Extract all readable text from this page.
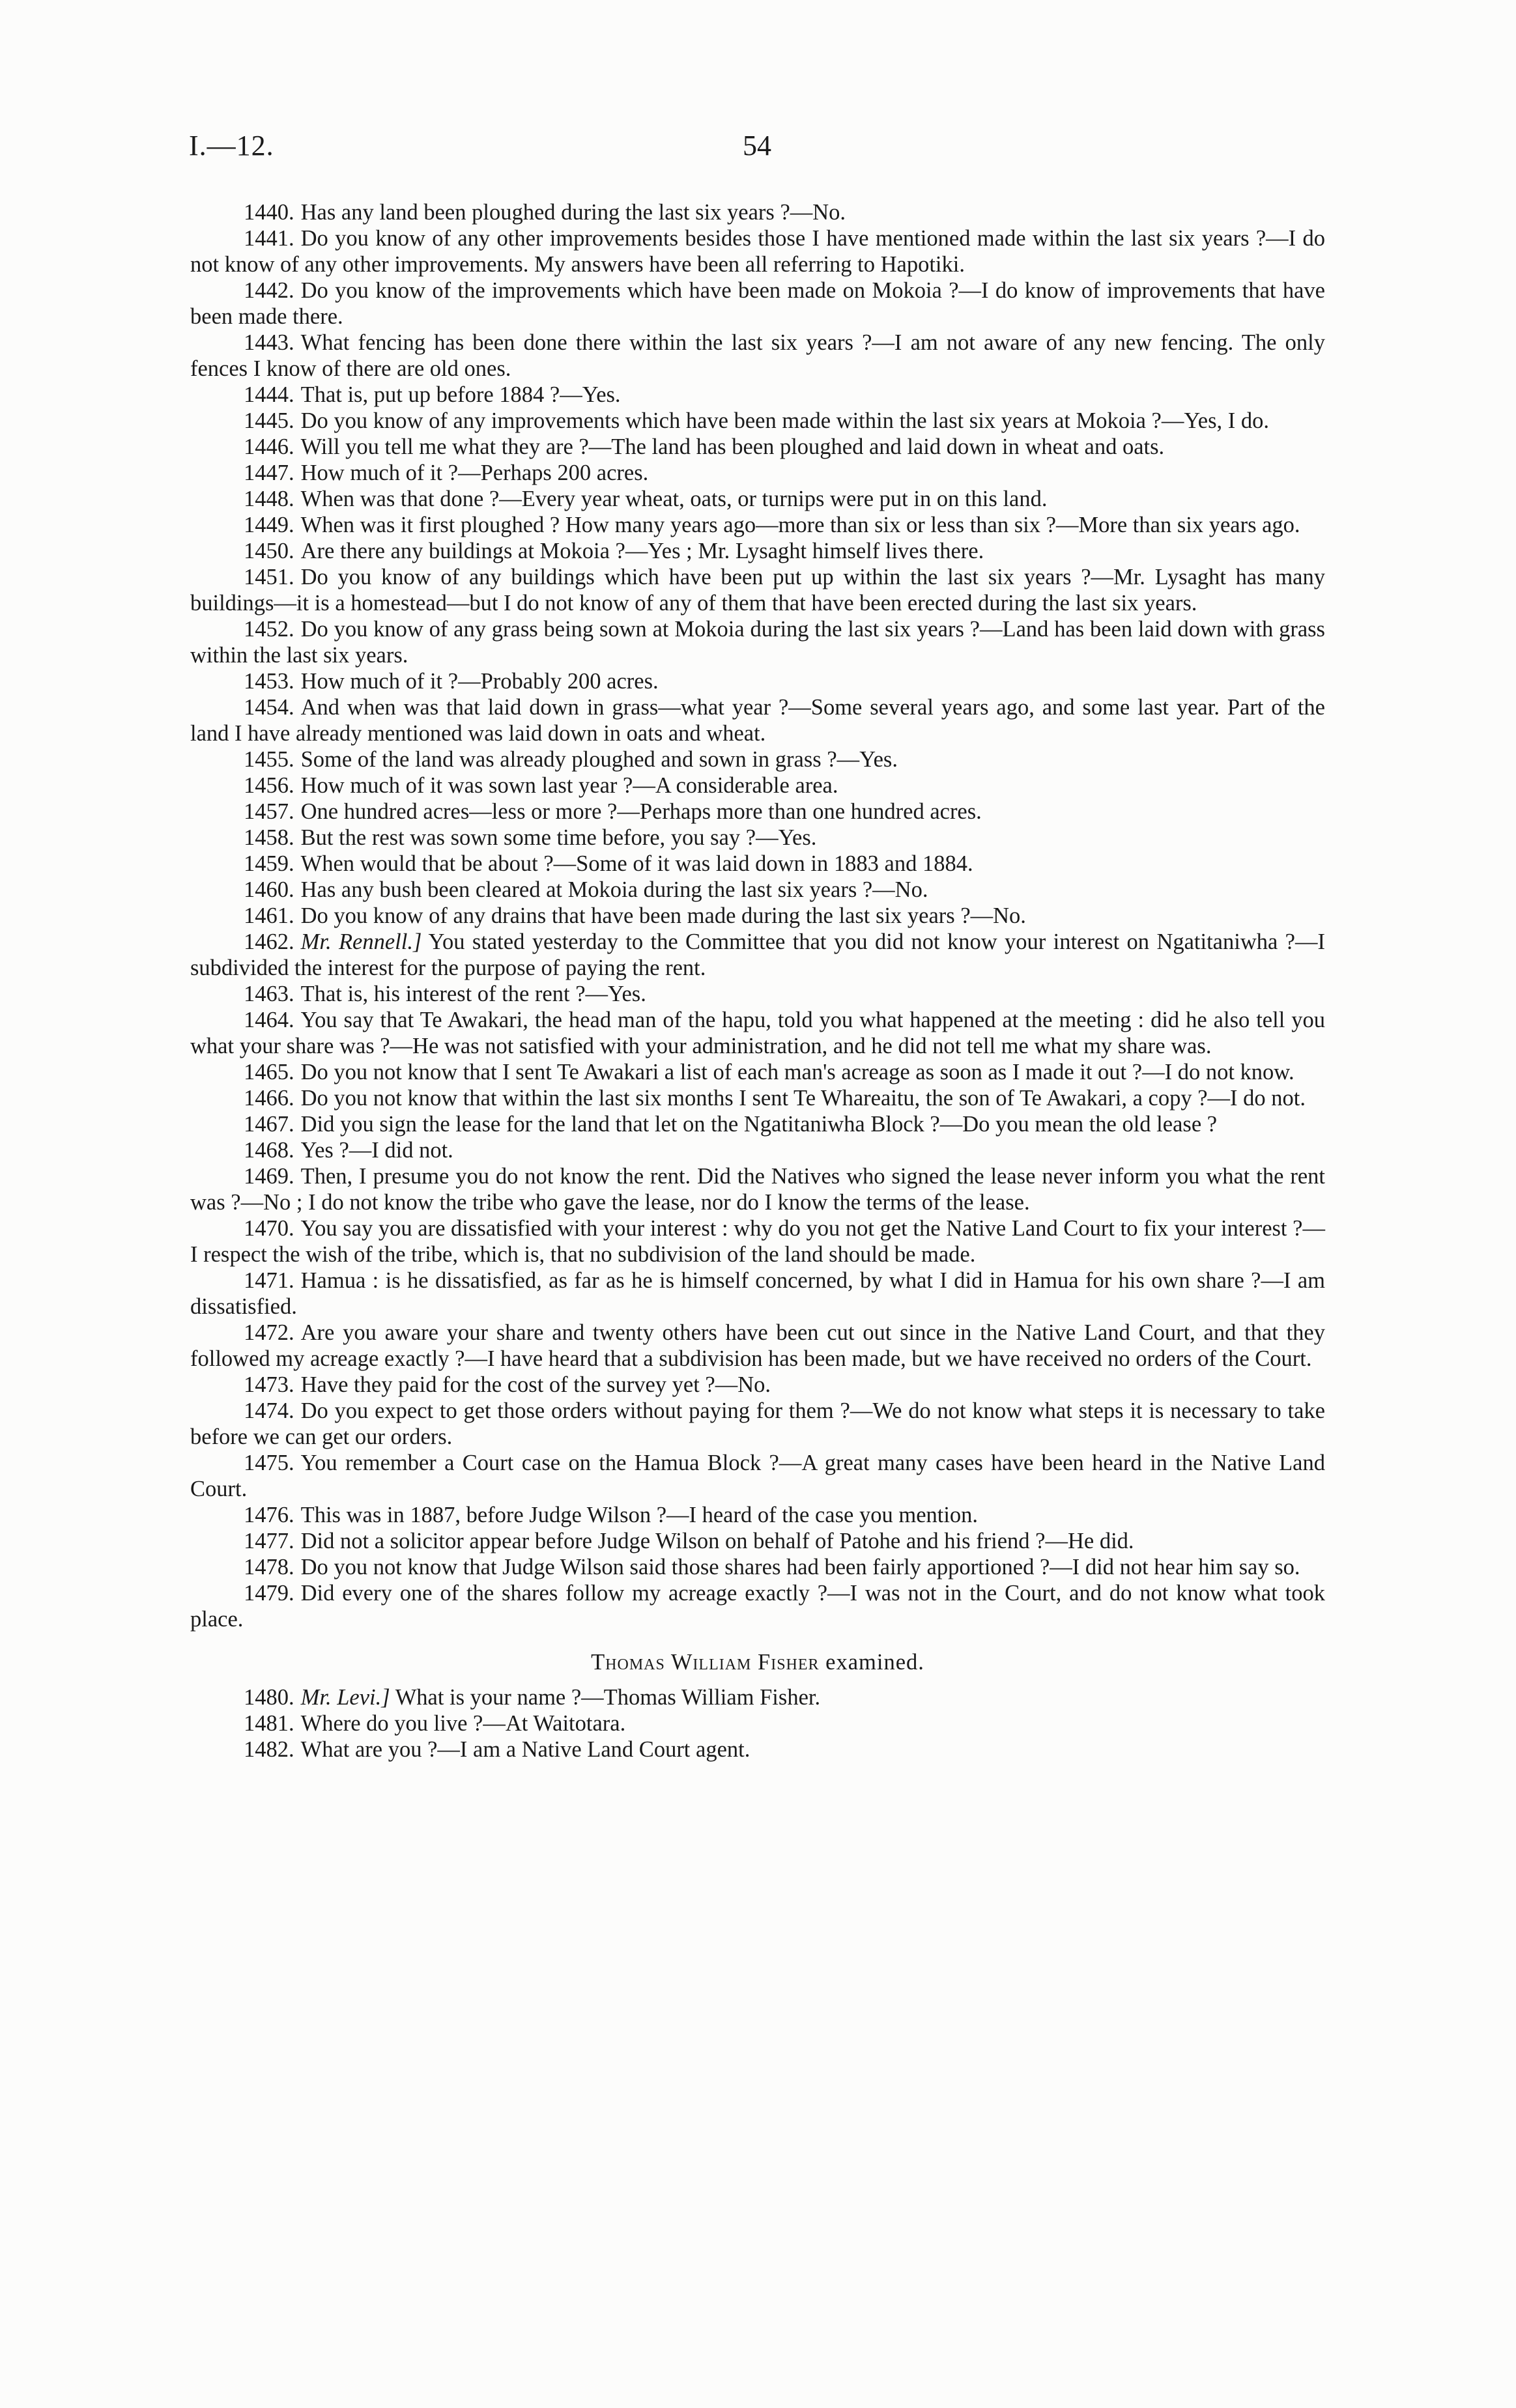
I.—12.	54

1440. Has any land been ploughed during the last six years ?—No.

1441. Do you know of any other improvements besides those I have mentioned made within the last six years ?—I do not know of any other improvements. My answers have been all referring to Hapotiki.

1442. Do you know of the improvements which have been made on Mokoia ?—I do know of improvements that have been made there.

1443. What fencing has been done there within the last six years ?—I am not aware of any new fencing. The only fences I know of there are old ones.

1444. That is, put up before 1884 ?—Yes.

1445. Do you know of any improvements which have been made within the last six years at Mokoia ?—Yes, I do.

1446. Will you tell me what they are ?—The land has been ploughed and laid down in wheat and oats.

1447. How much of it ?—Perhaps 200 acres.

1448. When was that done ?—Every year wheat, oats, or turnips were put in on this land.

1449. When was it first ploughed ? How many years ago—more than six or less than six ?—More than six years ago.

1450. Are there any buildings at Mokoia ?—Yes ; Mr. Lysaght himself lives there.

1451. Do you know of any buildings which have been put up within the last six years ?—Mr. Lysaght has many buildings—it is a homestead—but I do not know of any of them that have been erected during the last six years.

1452. Do you know of any grass being sown at Mokoia during the last six years ?—Land has been laid down with grass within the last six years.

1453. How much of it ?—Probably 200 acres.

1454. And when was that laid down in grass—what year ?—Some several years ago, and some last year. Part of the land I have already mentioned was laid down in oats and wheat.

1455. Some of the land was already ploughed and sown in grass ?—Yes.

1456. How much of it was sown last year ?—A considerable area.

1457. One hundred acres—less or more ?—Perhaps more than one hundred acres.

1458. But the rest was sown some time before, you say ?—Yes.

1459. When would that be about ?—Some of it was laid down in 1883 and 1884.

1460. Has any bush been cleared at Mokoia during the last six years ?—No.

1461. Do you know of any drains that have been made during the last six years ?—No.

1462. Mr. Rennell.] You stated yesterday to the Committee that you did not know your interest on Ngatitaniwha ?—I subdivided the interest for the purpose of paying the rent.

1463. That is, his interest of the rent ?—Yes.

1464. You say that Te Awakari, the head man of the hapu, told you what happened at the meeting : did he also tell you what your share was ?—He was not satisfied with your administration, and he did not tell me what my share was.

1465. Do you not know that I sent Te Awakari a list of each man's acreage as soon as I made it out ?—I do not know.

1466. Do you not know that within the last six months I sent Te Whareaitu, the son of Te Awakari, a copy ?—I do not.

1467. Did you sign the lease for the land that let on the Ngatitaniwha Block ?—Do you mean the old lease ?

1468. Yes ?—I did not.

1469. Then, I presume you do not know the rent. Did the Natives who signed the lease never inform you what the rent was ?—No ; I do not know the tribe who gave the lease, nor do I know the terms of the lease.

1470. You say you are dissatisfied with your interest : why do you not get the Native Land Court to fix your interest ?—I respect the wish of the tribe, which is, that no subdivision of the land should be made.

1471. Hamua : is he dissatisfied, as far as he is himself concerned, by what I did in Hamua for his own share ?—I am dissatisfied.

1472. Are you aware your share and twenty others have been cut out since in the Native Land Court, and that they followed my acreage exactly ?—I have heard that a subdivision has been made, but we have received no orders of the Court.

1473. Have they paid for the cost of the survey yet ?—No.

1474. Do you expect to get those orders without paying for them ?—We do not know what steps it is necessary to take before we can get our orders.

1475. You remember a Court case on the Hamua Block ?—A great many cases have been heard in the Native Land Court.

1476. This was in 1887, before Judge Wilson ?—I heard of the case you mention.

1477. Did not a solicitor appear before Judge Wilson on behalf of Patohe and his friend ?—He did.

1478. Do you not know that Judge Wilson said those shares had been fairly apportioned ?—I did not hear him say so.

1479. Did every one of the shares follow my acreage exactly ?—I was not in the Court, and do not know what took place.

Thomas William Fisher examined.

1480. Mr. Levi.] What is your name ?—Thomas William Fisher.

1481. Where do you live ?—At Waitotara.

1482. What are you ?—I am a Native Land Court agent.
